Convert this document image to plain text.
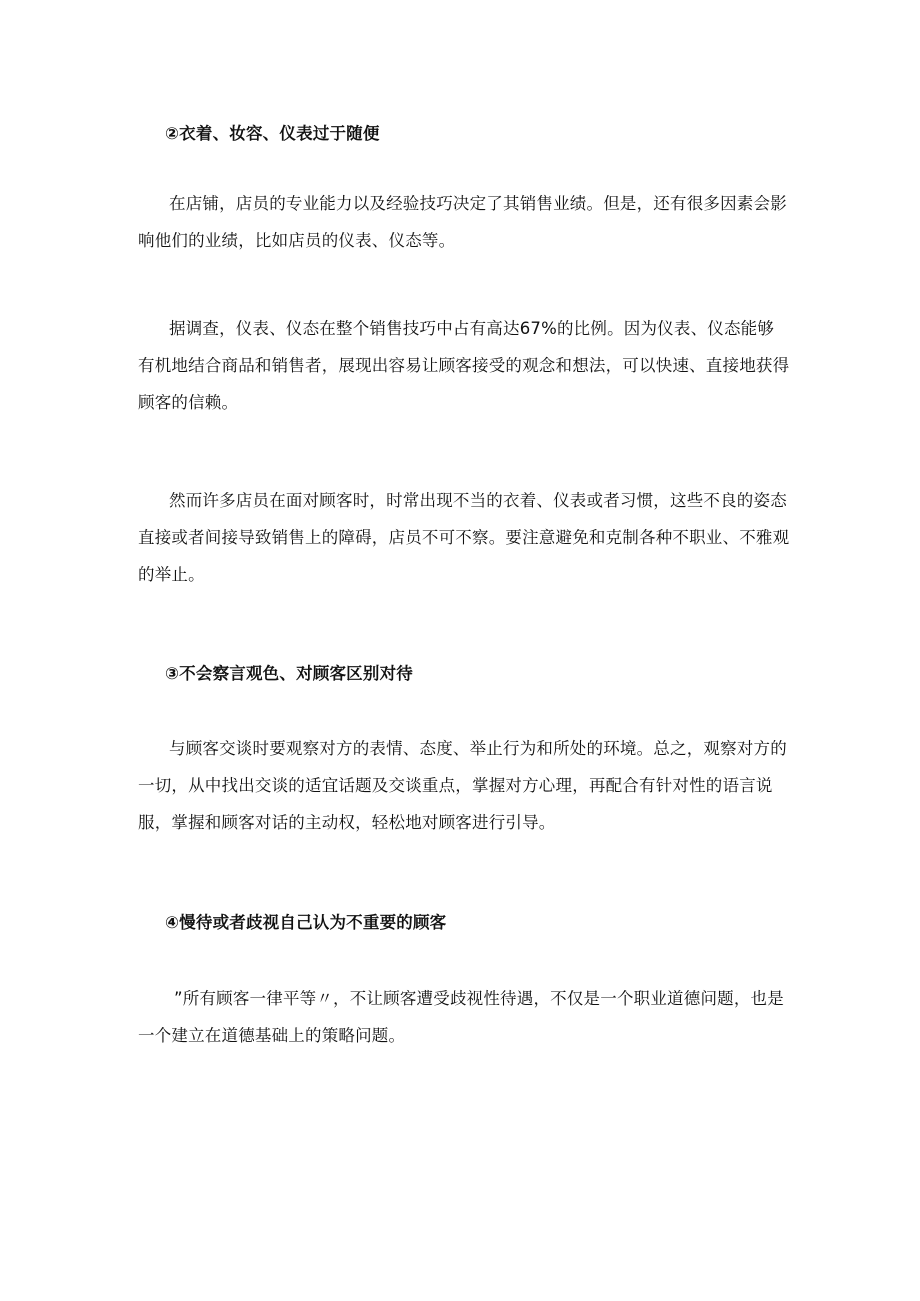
②衣着、妆容、仪表过于随便

在店铺，店员的专业能力以及经验技巧决定了其销售业绩。但是，还有很多因素会影响他们的业绩，比如店员的仪表、仪态等。

据调查，仪表、仪态在整个销售技巧中占有高达67%的比例。因为仪表、仪态能够有机地结合商品和销售者，展现出容易让顾客接受的观念和想法，可以快速、直接地获得顾客的信赖。

然而许多店员在面对顾客时，时常出现不当的衣着、仪表或者习惯，这些不良的姿态直接或者间接导致销售上的障碍，店员不可不察。要注意避免和克制各种不职业、不雅观的举止。

③不会察言观色、对顾客区别对待

与顾客交谈时要观察对方的表情、态度、举止行为和所处的环境。总之，观察对方的一切，从中找出交谈的适宜话题及交谈重点，掌握对方心理，再配合有针对性的语言说服，掌握和顾客对话的主动权，轻松地对顾客进行引导。

④慢待或者歧视自己认为不重要的顾客

”所有顾客一律平等〃，不让顾客遭受歧视性待遇，不仅是一个职业道德问题，也是一个建立在道德基础上的策略问题。
